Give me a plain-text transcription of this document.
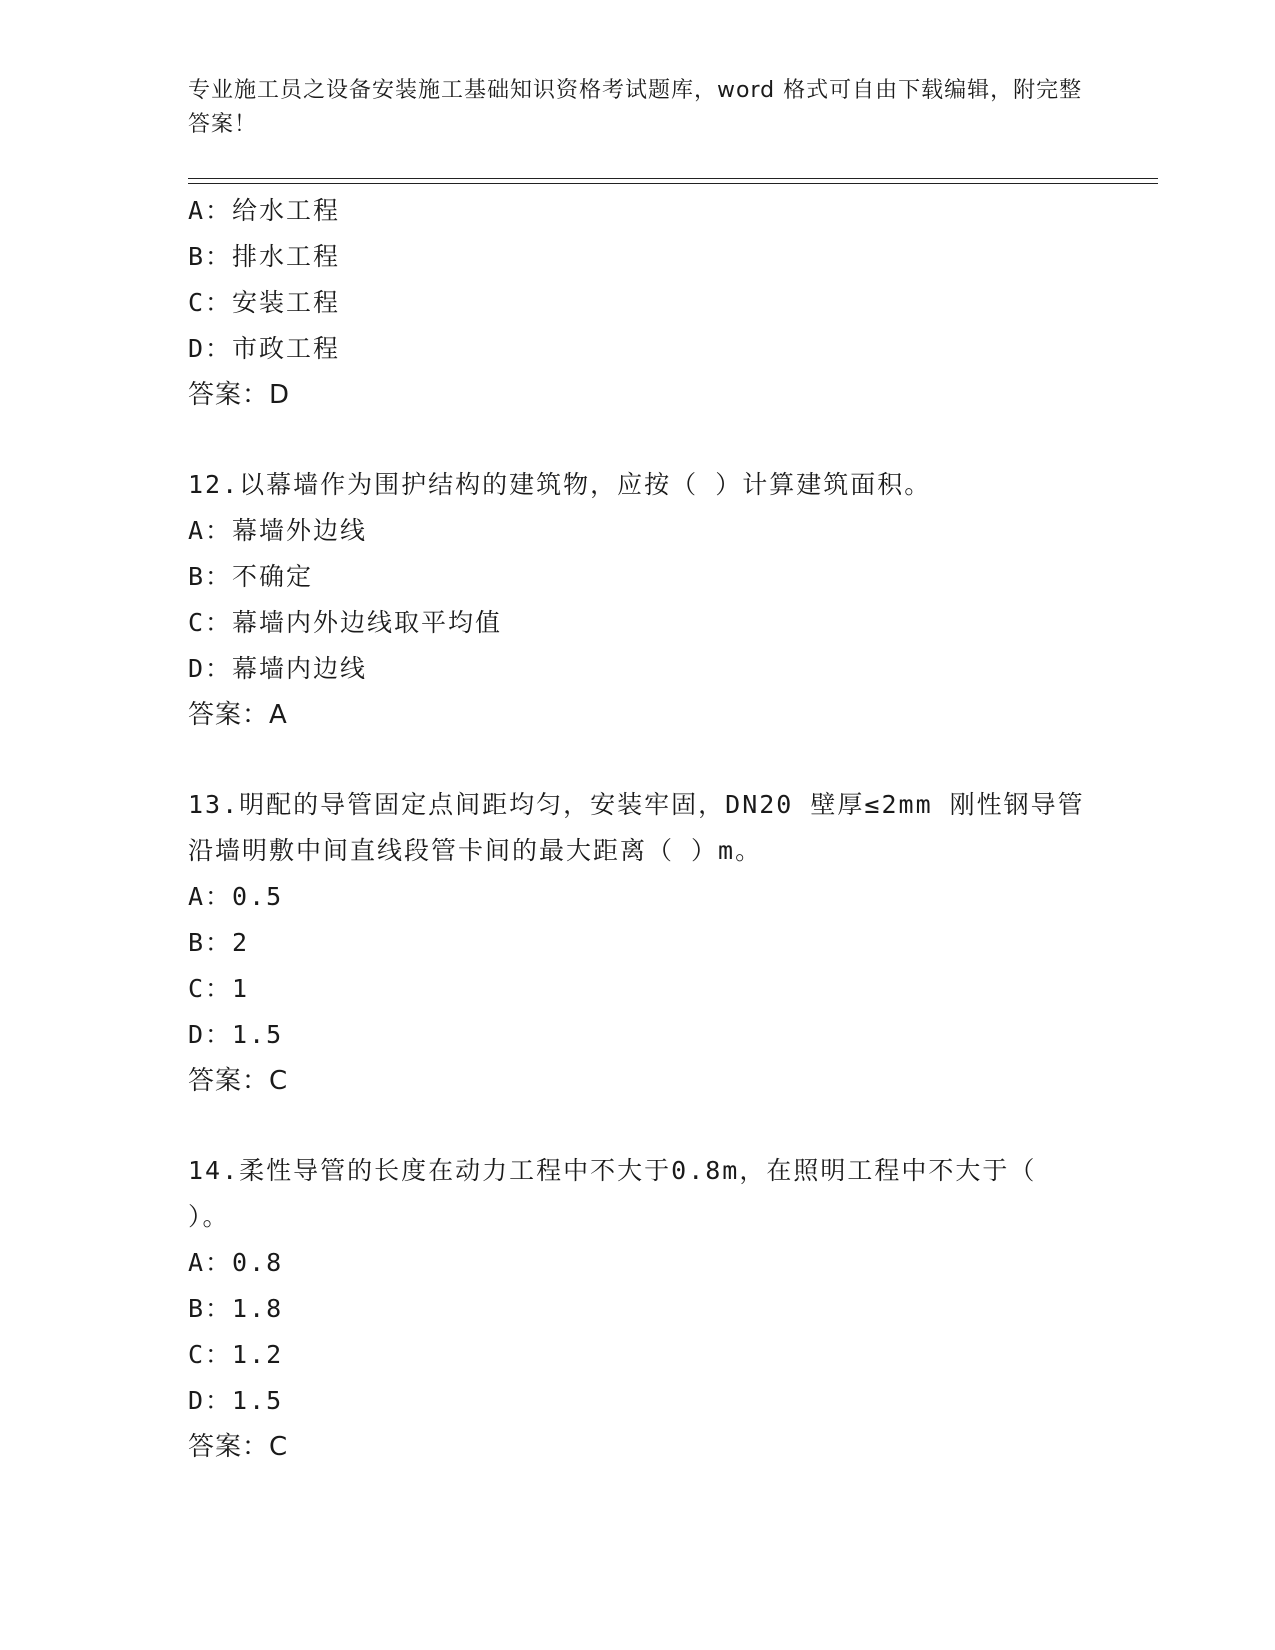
专业施工员之设备安装施工基础知识资格考试题库，word 格式可自由下载编辑，附完整答案！
A：给水工程
B：排水工程
C：安装工程
D：市政工程
答案：D
12.以幕墙作为围护结构的建筑物，应按（ ）计算建筑面积。
A：幕墙外边线
B：不确定
C：幕墙内外边线取平均值
D：幕墙内边线
答案：A
13.明配的导管固定点间距均匀，安装牢固，DN20 壁厚≤2mm 刚性钢导管沿墙明敷中间直线段管卡间的最大距离（ ）m。
A：0.5
B：2
C：1
D：1.5
答案：C
14.柔性导管的长度在动力工程中不大于0.8m，在照明工程中不大于（ ）。
A：0.8
B：1.8
C：1.2
D：1.5
答案：C
